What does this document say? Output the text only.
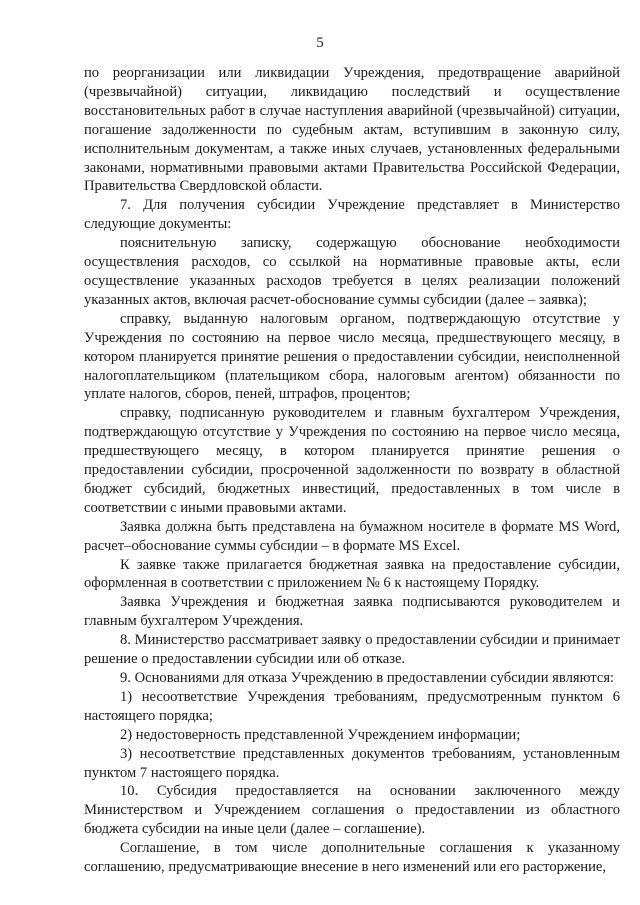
5

по реорганизации или ликвидации Учреждения, предотвращение аварийной (чрезвычайной) ситуации, ликвидацию последствий и осуществление восстановительных работ в случае наступления аварийной (чрезвычайной) ситуации, погашение задолженности по судебным актам, вступившим в законную силу, исполнительным документам, а также иных случаев, установленных федеральными законами, нормативными правовыми актами Правительства Российской Федерации, Правительства Свердловской области.

7. Для получения субсидии Учреждение представляет в Министерство следующие документы:

пояснительную записку, содержащую обоснование необходимости осуществления расходов, со ссылкой на нормативные правовые акты, если осуществление указанных расходов требуется в целях реализации положений указанных актов, включая расчет-обоснование суммы субсидии (далее – заявка);

справку, выданную налоговым органом, подтверждающую отсутствие у Учреждения по состоянию на первое число месяца, предшествующего месяцу, в котором планируется принятие решения о предоставлении субсидии, неисполненной налогоплательщиком (плательщиком сбора, налоговым агентом) обязанности по уплате налогов, сборов, пеней, штрафов, процентов;

справку, подписанную руководителем и главным бухгалтером Учреждения, подтверждающую отсутствие у Учреждения по состоянию на первое число месяца, предшествующего месяцу, в котором планируется принятие решения о предоставлении субсидии, просроченной задолженности по возврату в областной бюджет субсидий, бюджетных инвестиций, предоставленных в том числе в соответствии с иными правовыми актами.

Заявка должна быть представлена на бумажном носителе в формате MS Word, расчет–обоснование суммы субсидии – в формате MS Excel.

К заявке также прилагается бюджетная заявка на предоставление субсидии, оформленная в соответствии с приложением № 6 к настоящему Порядку.

Заявка Учреждения и бюджетная заявка подписываются руководителем и главным бухгалтером Учреждения.

8. Министерство рассматривает заявку о предоставлении субсидии и принимает решение о предоставлении субсидии или об отказе.

9. Основаниями для отказа Учреждению в предоставлении субсидии являются:

1) несоответствие Учреждения требованиям, предусмотренным пунктом 6 настоящего порядка;

2) недостоверность представленной Учреждением информации;

3) несоответствие представленных документов требованиям, установленным пунктом 7 настоящего порядка.

10. Субсидия предоставляется на основании заключенного между Министерством и Учреждением соглашения о предоставлении из областного бюджета субсидии на иные цели (далее – соглашение).

Соглашение, в том числе дополнительные соглашения к указанному соглашению, предусматривающие внесение в него изменений или его расторжение,
